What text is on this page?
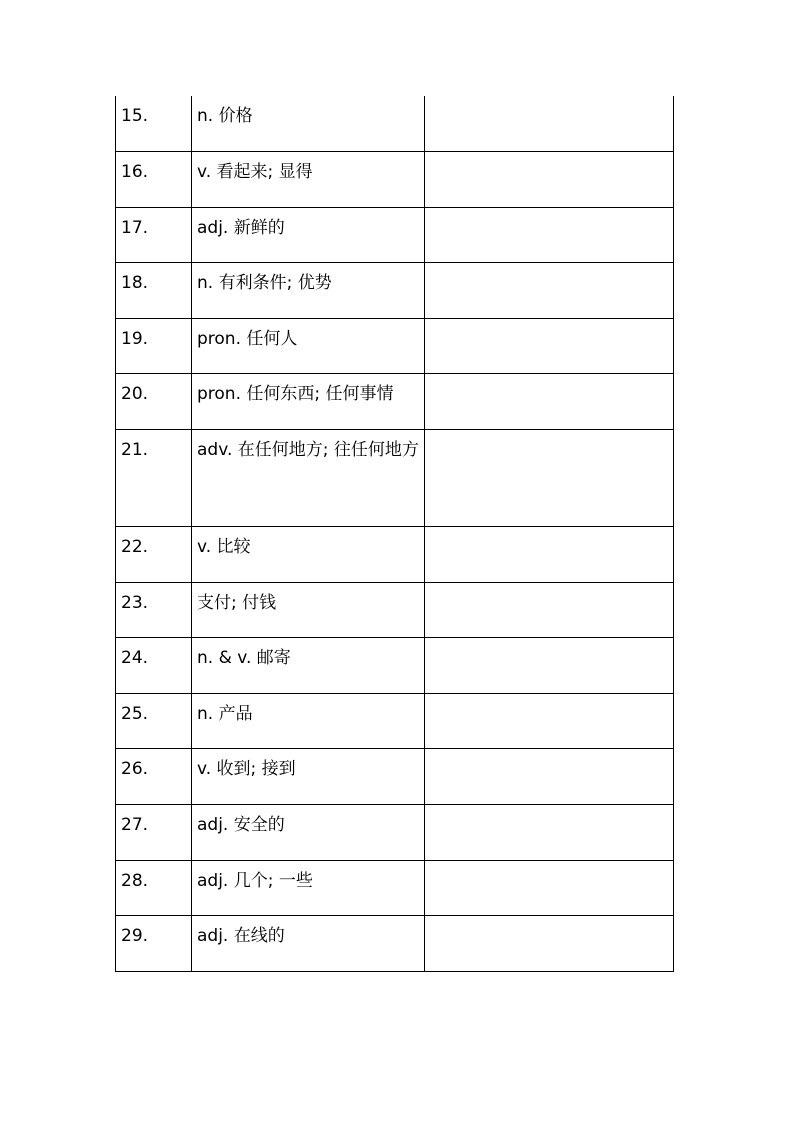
15.	n. 价格	

16.	v. 看起来; 显得	

17.	adj. 新鲜的	

18.	n. 有利条件; 优势	

19.	pron. 任何人	

20.	pron. 任何东西; 任何事情	

21.	adv. 在任何地方; 往任何地方	

22.	v. 比较	

23.	支付; 付钱	

24.	n. & v. 邮寄	

25.	n. 产品	

26.	v. 收到; 接到	

27.	adj. 安全的	

28.	adj. 几个; 一些	

29.	adj. 在线的	
